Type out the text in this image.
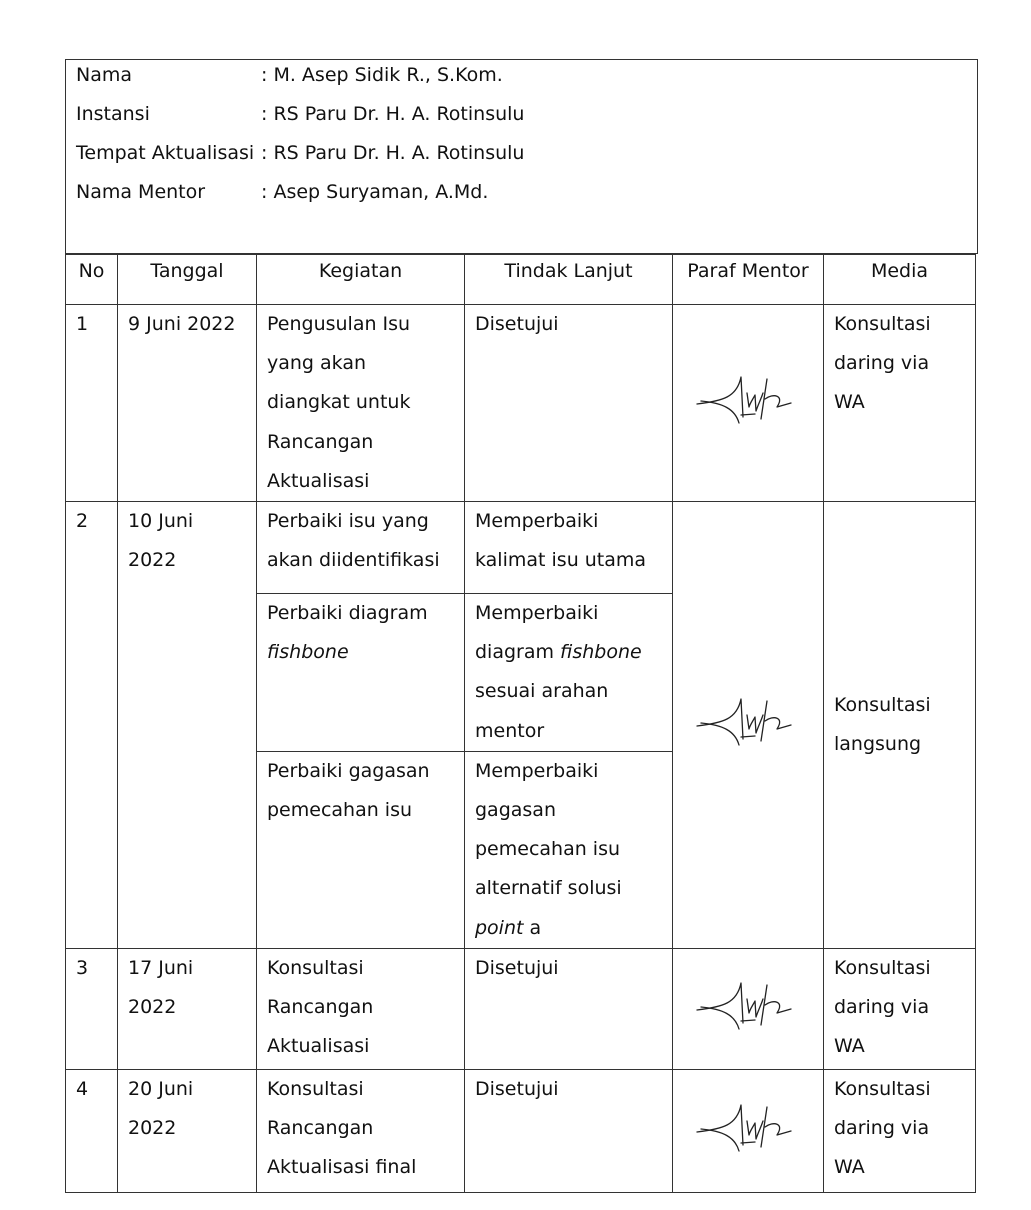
Nama	: M. Asep Sidik R., S.Kom.
Instansi	: RS Paru Dr. H. A. Rotinsulu
Tempat Aktualisasi : RS Paru Dr. H. A. Rotinsulu
Nama Mentor	: Asep Suryaman, A.Md.
No	Tanggal	Kegiatan	Tindak Lanjut	Paraf Mentor	Media
1	9 Juni 2022	Pengusulan Isu yang akan diangkat untuk Rancangan Aktualisasi	Disetujui		Konsultasi daring via WA
2	10 Juni 2022	Perbaiki isu yang akan diidentifikasi	Memperbaiki kalimat isu utama		Konsultasi langsung
		Perbaiki diagram fishbone	Memperbaiki diagram fishbone sesuai arahan mentor		
		Perbaiki gagasan pemecahan isu	Memperbaiki gagasan pemecahan isu alternatif solusi point a		
3	17 Juni 2022	Konsultasi Rancangan Aktualisasi	Disetujui		Konsultasi daring via WA
4	20 Juni 2022	Konsultasi Rancangan Aktualisasi final	Disetujui		Konsultasi daring via WA
